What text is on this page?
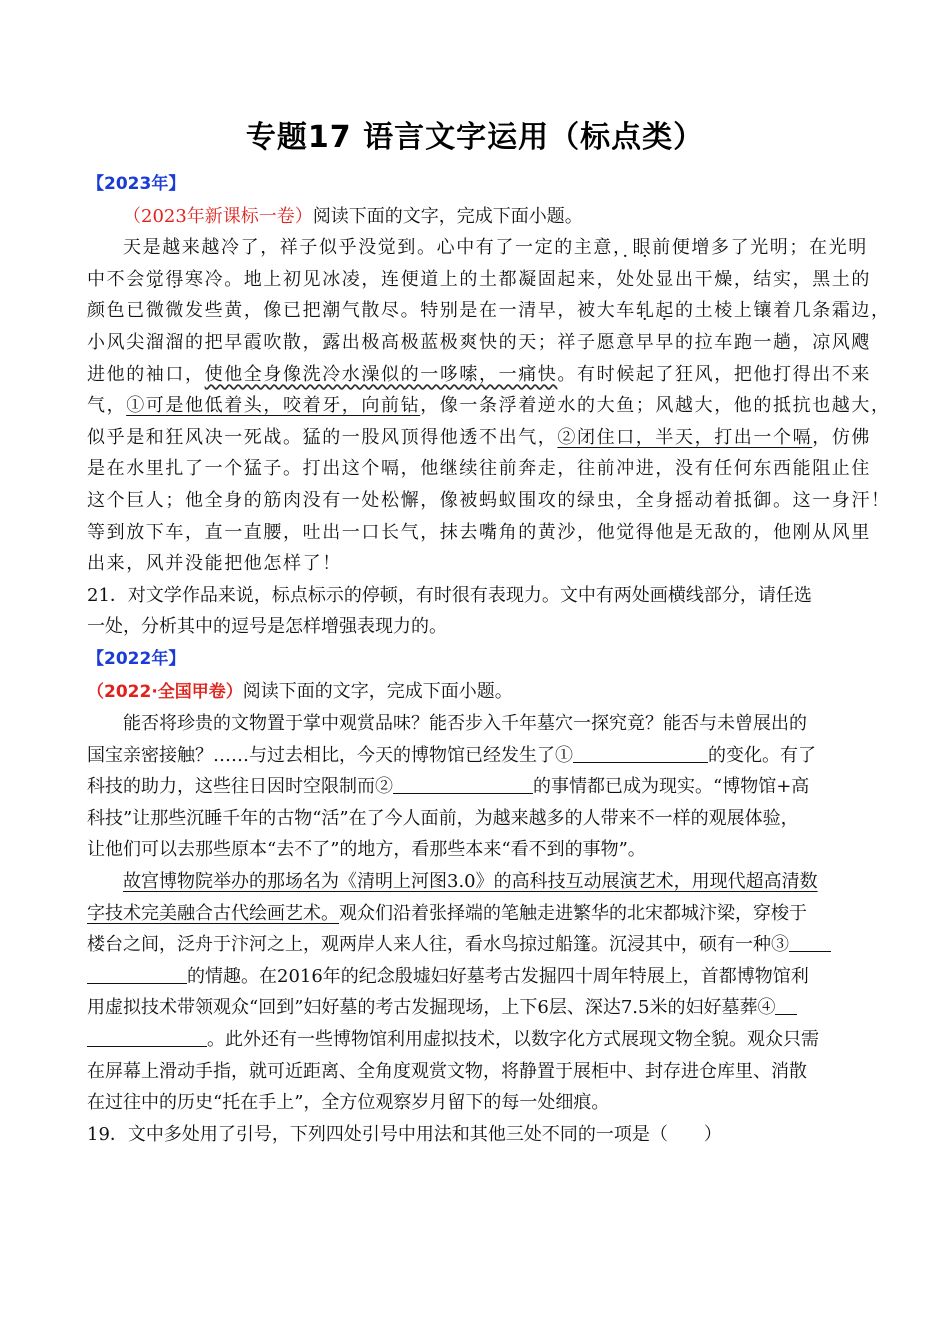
专题17 语言文字运用（标点类）
【2023年】
（2023年新课标一卷）阅读下面的文字，完成下面小题。
天是越来越冷了，祥子似乎没觉到。心中有了一定的主意，眼前便增多了光明；在光明
中不会觉得寒冷。地上初见冰凌，连便道上的土都凝固起来，处处显出干燥，结实，黑土的
颜色已微微发些黄，像已把潮气散尽。特别是在一清早，被大车轧起的土棱上镶着几条霜边，
小风尖溜溜的把早霞吹散，露出极高极蓝极爽快的天；祥子愿意早早的拉车跑一趟，凉风飕
进他的袖口，使他全身像洗冷水澡似的一哆嗦，一痛快。有时候起了狂风，把他打得出不来
气，①可是他低着头，咬着牙，向前钻，像一条浮着逆水的大鱼；风越大，他的抵抗也越大，
似乎是和狂风决一死战。猛的一股风顶得他透不出气，②闭住口，半天，打出一个嗝，仿佛
是在水里扎了一个猛子。打出这个嗝，他继续往前奔走，往前冲进，没有任何东西能阻止住
这个巨人；他全身的筋肉没有一处松懈，像被蚂蚁围攻的绿虫，全身摇动着抵御。这一身汗！
等到放下车，直一直腰，吐出一口长气，抹去嘴角的黄沙，他觉得他是无敌的，他刚从风里
出来，风并没能把他怎样了！
21．对文学作品来说，标点标示的停顿，有时很有表现力。文中有两处画横线部分，请任选
一处，分析其中的逗号是怎样增强表现力的。
【2022年】
（2022·全国甲卷）阅读下面的文字，完成下面小题。
能否将珍贵的文物置于掌中观赏品味？能否步入千年墓穴一探究竟？能否与未曾展出的
国宝亲密接触？……与过去相比，今天的博物馆已经发生了①	的变化。有了
科技的助力，这些往日因时空限制而②	的事情都已成为现实。“博物馆+高
科技”让那些沉睡千年的古物“活”在了今人面前，为越来越多的人带来不一样的观展体验，
让他们可以去那些原本“去不了”的地方，看那些本来“看不到的事物”。
故宫博物院举办的那场名为《清明上河图3.0》的高科技互动展演艺术，用现代超高清数
字技术完美融合古代绘画艺术。观众们沿着张择端的笔触走进繁华的北宋都城汴梁，穿梭于
楼台之间，泛舟于汴河之上，观两岸人来人往，看水鸟掠过船篷。沉浸其中，硕有一种③
的情趣。在2016年的纪念殷墟妇好墓考古发掘四十周年特展上，首都博物馆利
用虚拟技术带领观众“回到”妇好墓的考古发掘现场，上下6层、深达7.5米的妇好墓葬④
。此外还有一些博物馆利用虚拟技术，以数字化方式展现文物全貌。观众只需
在屏幕上滑动手指，就可近距离、全角度观赏文物，将静置于展柜中、封存进仓库里、消散
在过往中的历史“托在手上”，全方位观察岁月留下的每一处细痕。
19．文中多处用了引号，下列四处引号中用法和其他三处不同的一项是（　　）
